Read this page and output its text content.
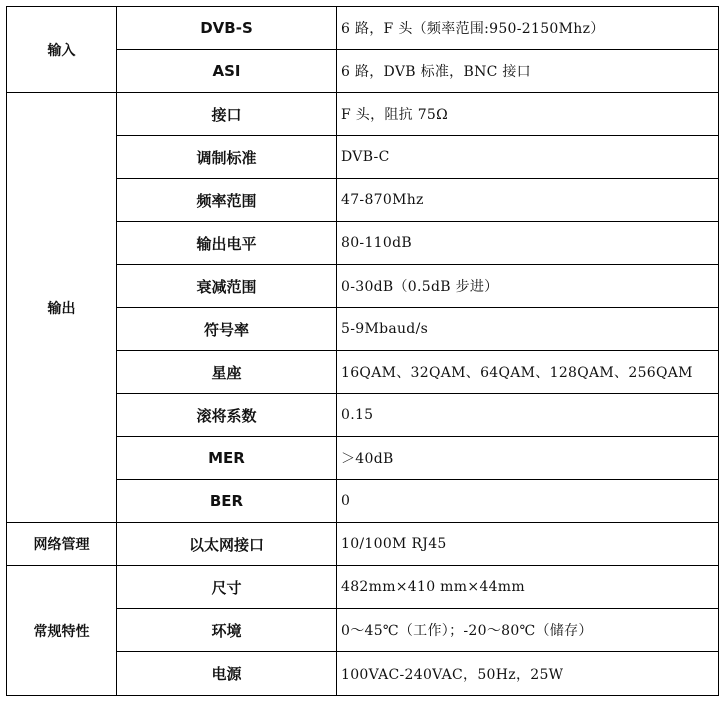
输入	DVB-S	6 路，F 头（频率范围:950-2150Mhz）
	ASI	6 路，DVB 标准，BNC 接口
输出	接口	F 头，阻抗 75Ω
	调制标准	DVB-C
	频率范围	47-870Mhz
	输出电平	80-110dB
	衰减范围	0-30dB（0.5dB 步进）
	符号率	5-9Mbaud/s
	星座	16QAM、32QAM、64QAM、128QAM、256QAM
	滚将系数	0.15
	MER	＞40dB
	BER	0
网络管理	以太网接口	10/100M RJ45
常规特性	尺寸	482mm×410 mm×44mm
	环境	0～45℃（工作）；-20～80℃（储存）
	电源	100VAC-240VAC，50Hz，25W
